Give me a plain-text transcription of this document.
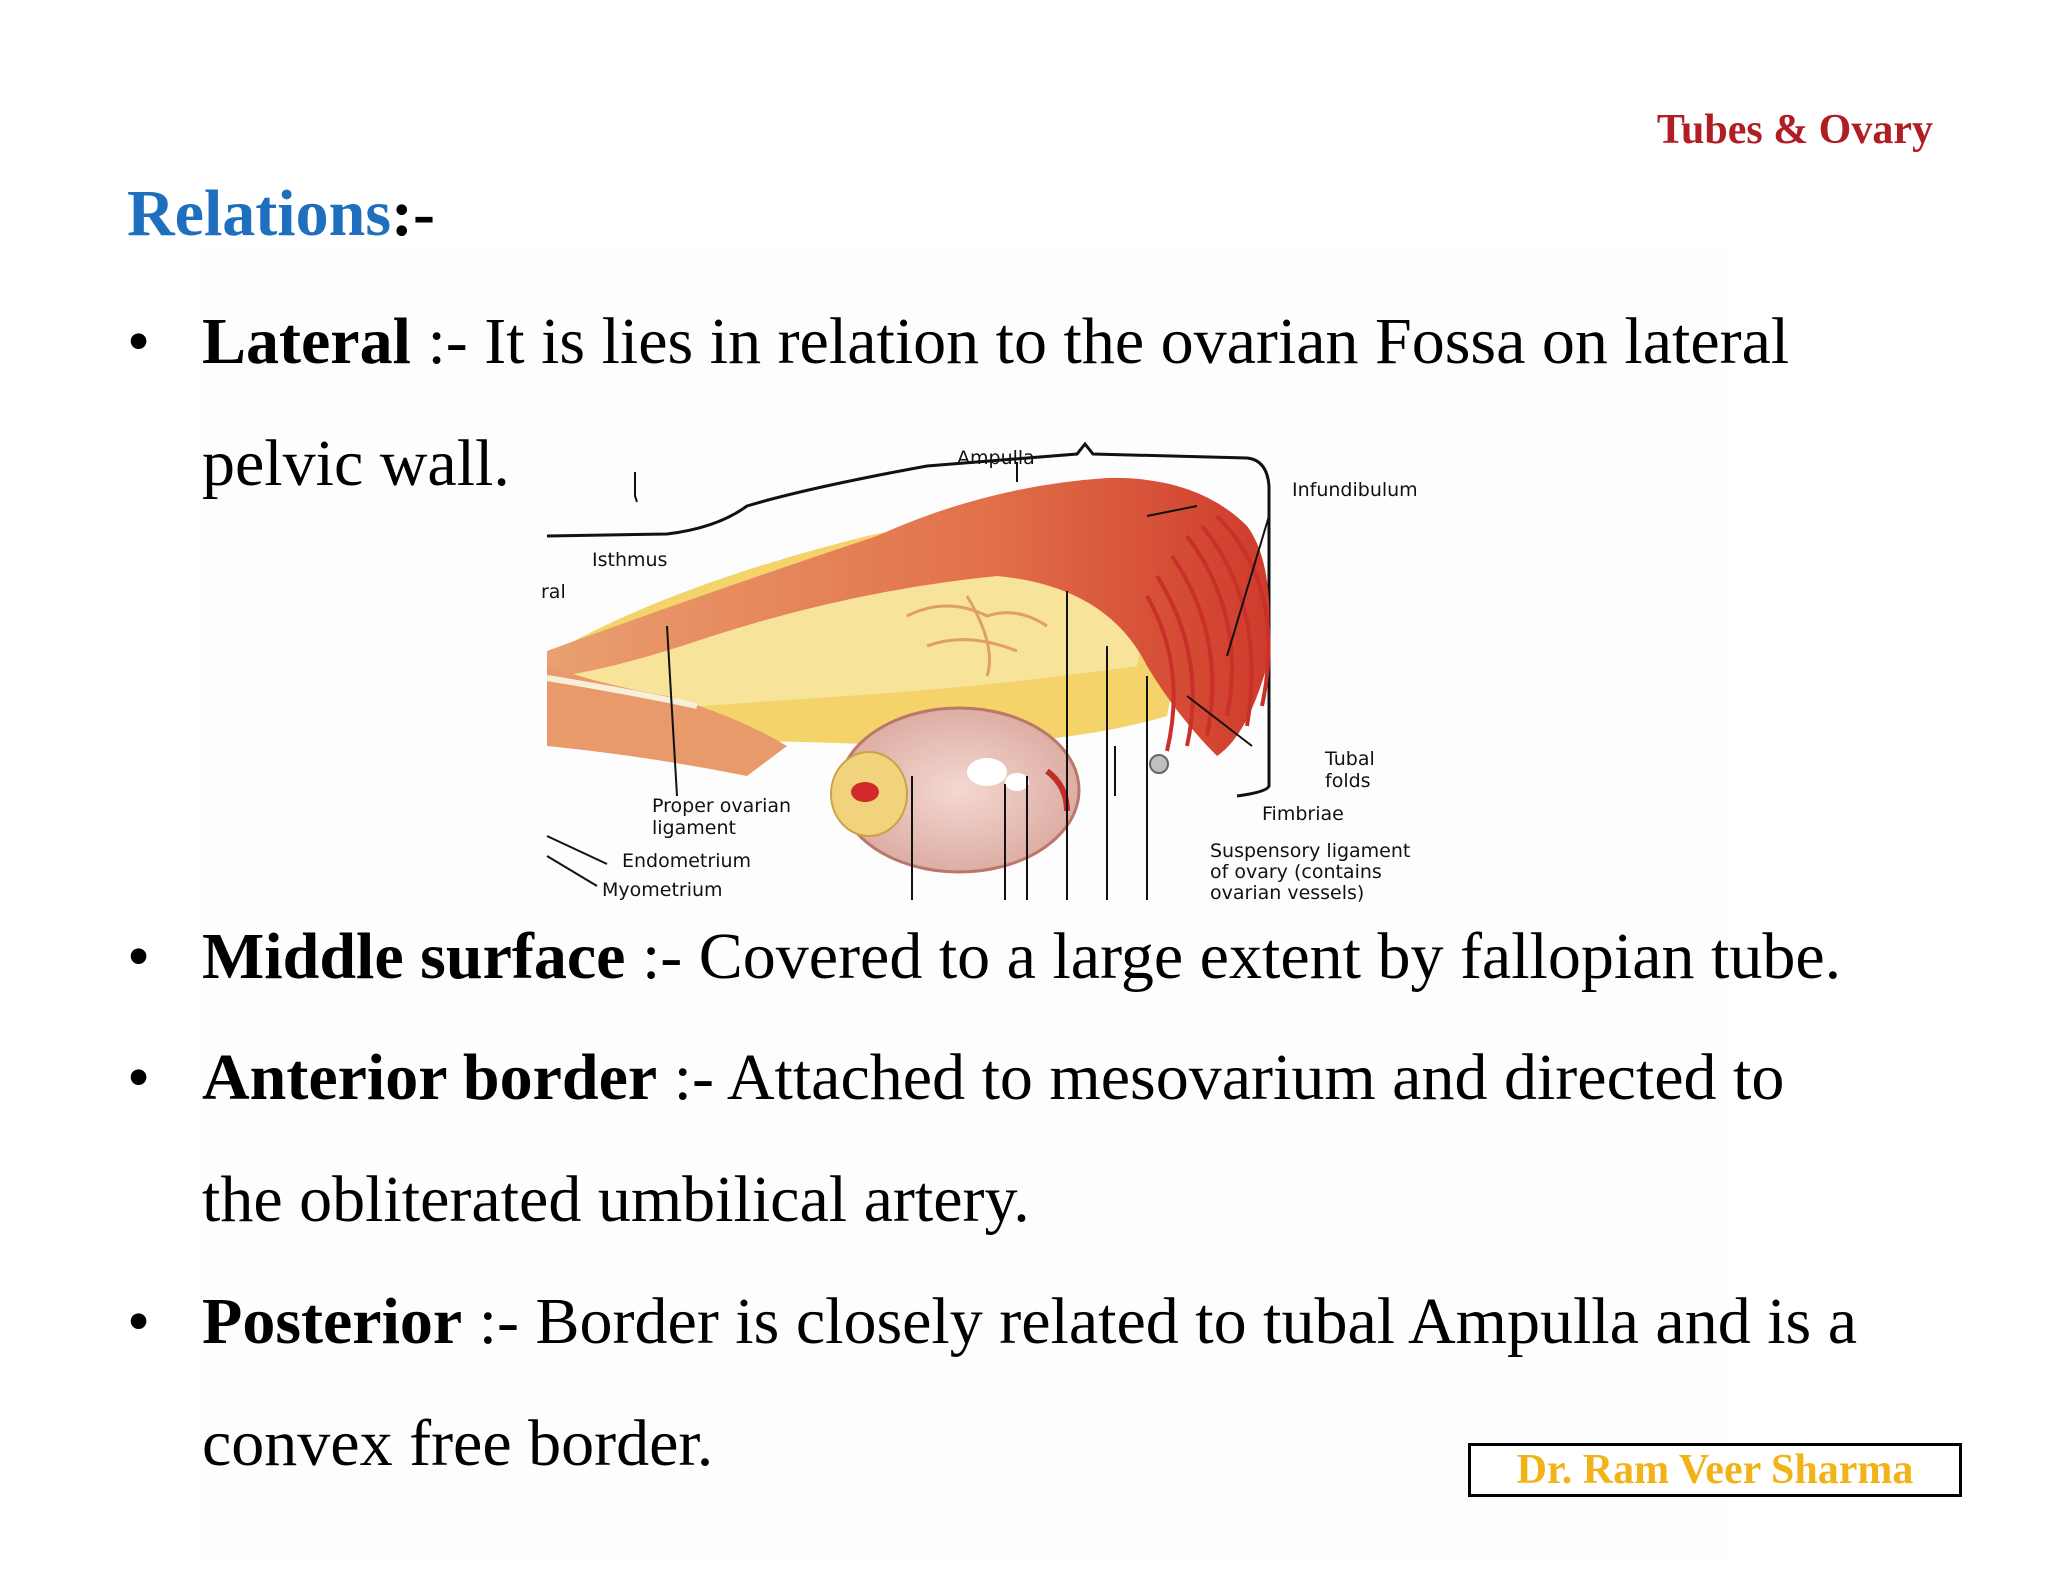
Tubes & Ovary
Relations:-
• Lateral :- It is lies in relation to the ovarian Fossa on lateral
pelvic wall.	Ampulla
Infundibulum
Isthmus
ral
Tubal
folds
Fimbriae
Proper ovarian
ligament
Endometrium
Myometrium
Suspensory ligament
of ovary (contains
ovarian vessels)
• Middle surface :- Covered to a large extent by fallopian tube.
• Anterior border :- Attached to mesovarium and directed to
the obliterated umbilical artery.
• Posterior :- Border is closely related to tubal Ampulla and is a
convex free border.	Dr. Ram Veer Sharma
